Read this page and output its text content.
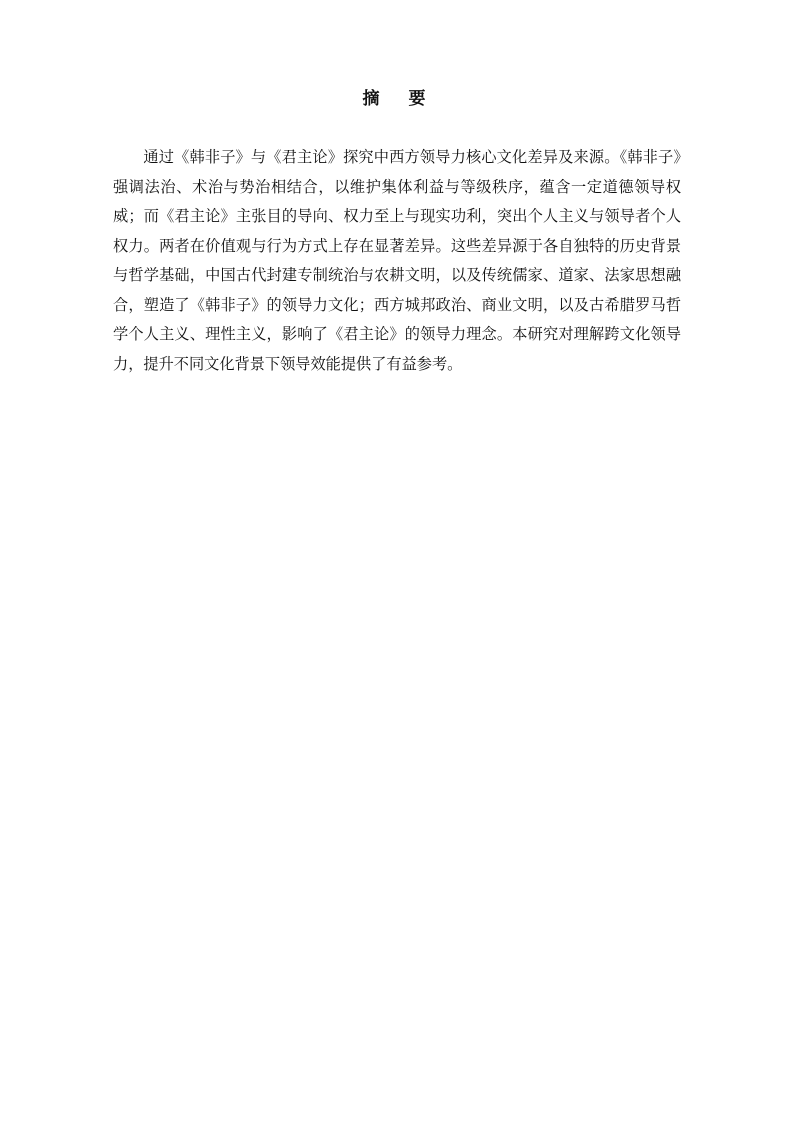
摘　要

通过《韩非子》与《君主论》探究中西方领导力核心文化差异及来源。《韩非子》强调法治、术治与势治相结合，以维护集体利益与等级秩序，蕴含一定道德领导权威；而《君主论》主张目的导向、权力至上与现实功利，突出个人主义与领导者个人权力。两者在价值观与行为方式上存在显著差异。这些差异源于各自独特的历史背景与哲学基础，中国古代封建专制统治与农耕文明，以及传统儒家、道家、法家思想融合，塑造了《韩非子》的领导力文化；西方城邦政治、商业文明，以及古希腊罗马哲学个人主义、理性主义，影响了《君主论》的领导力理念。本研究对理解跨文化领导力，提升不同文化背景下领导效能提供了有益参考。
